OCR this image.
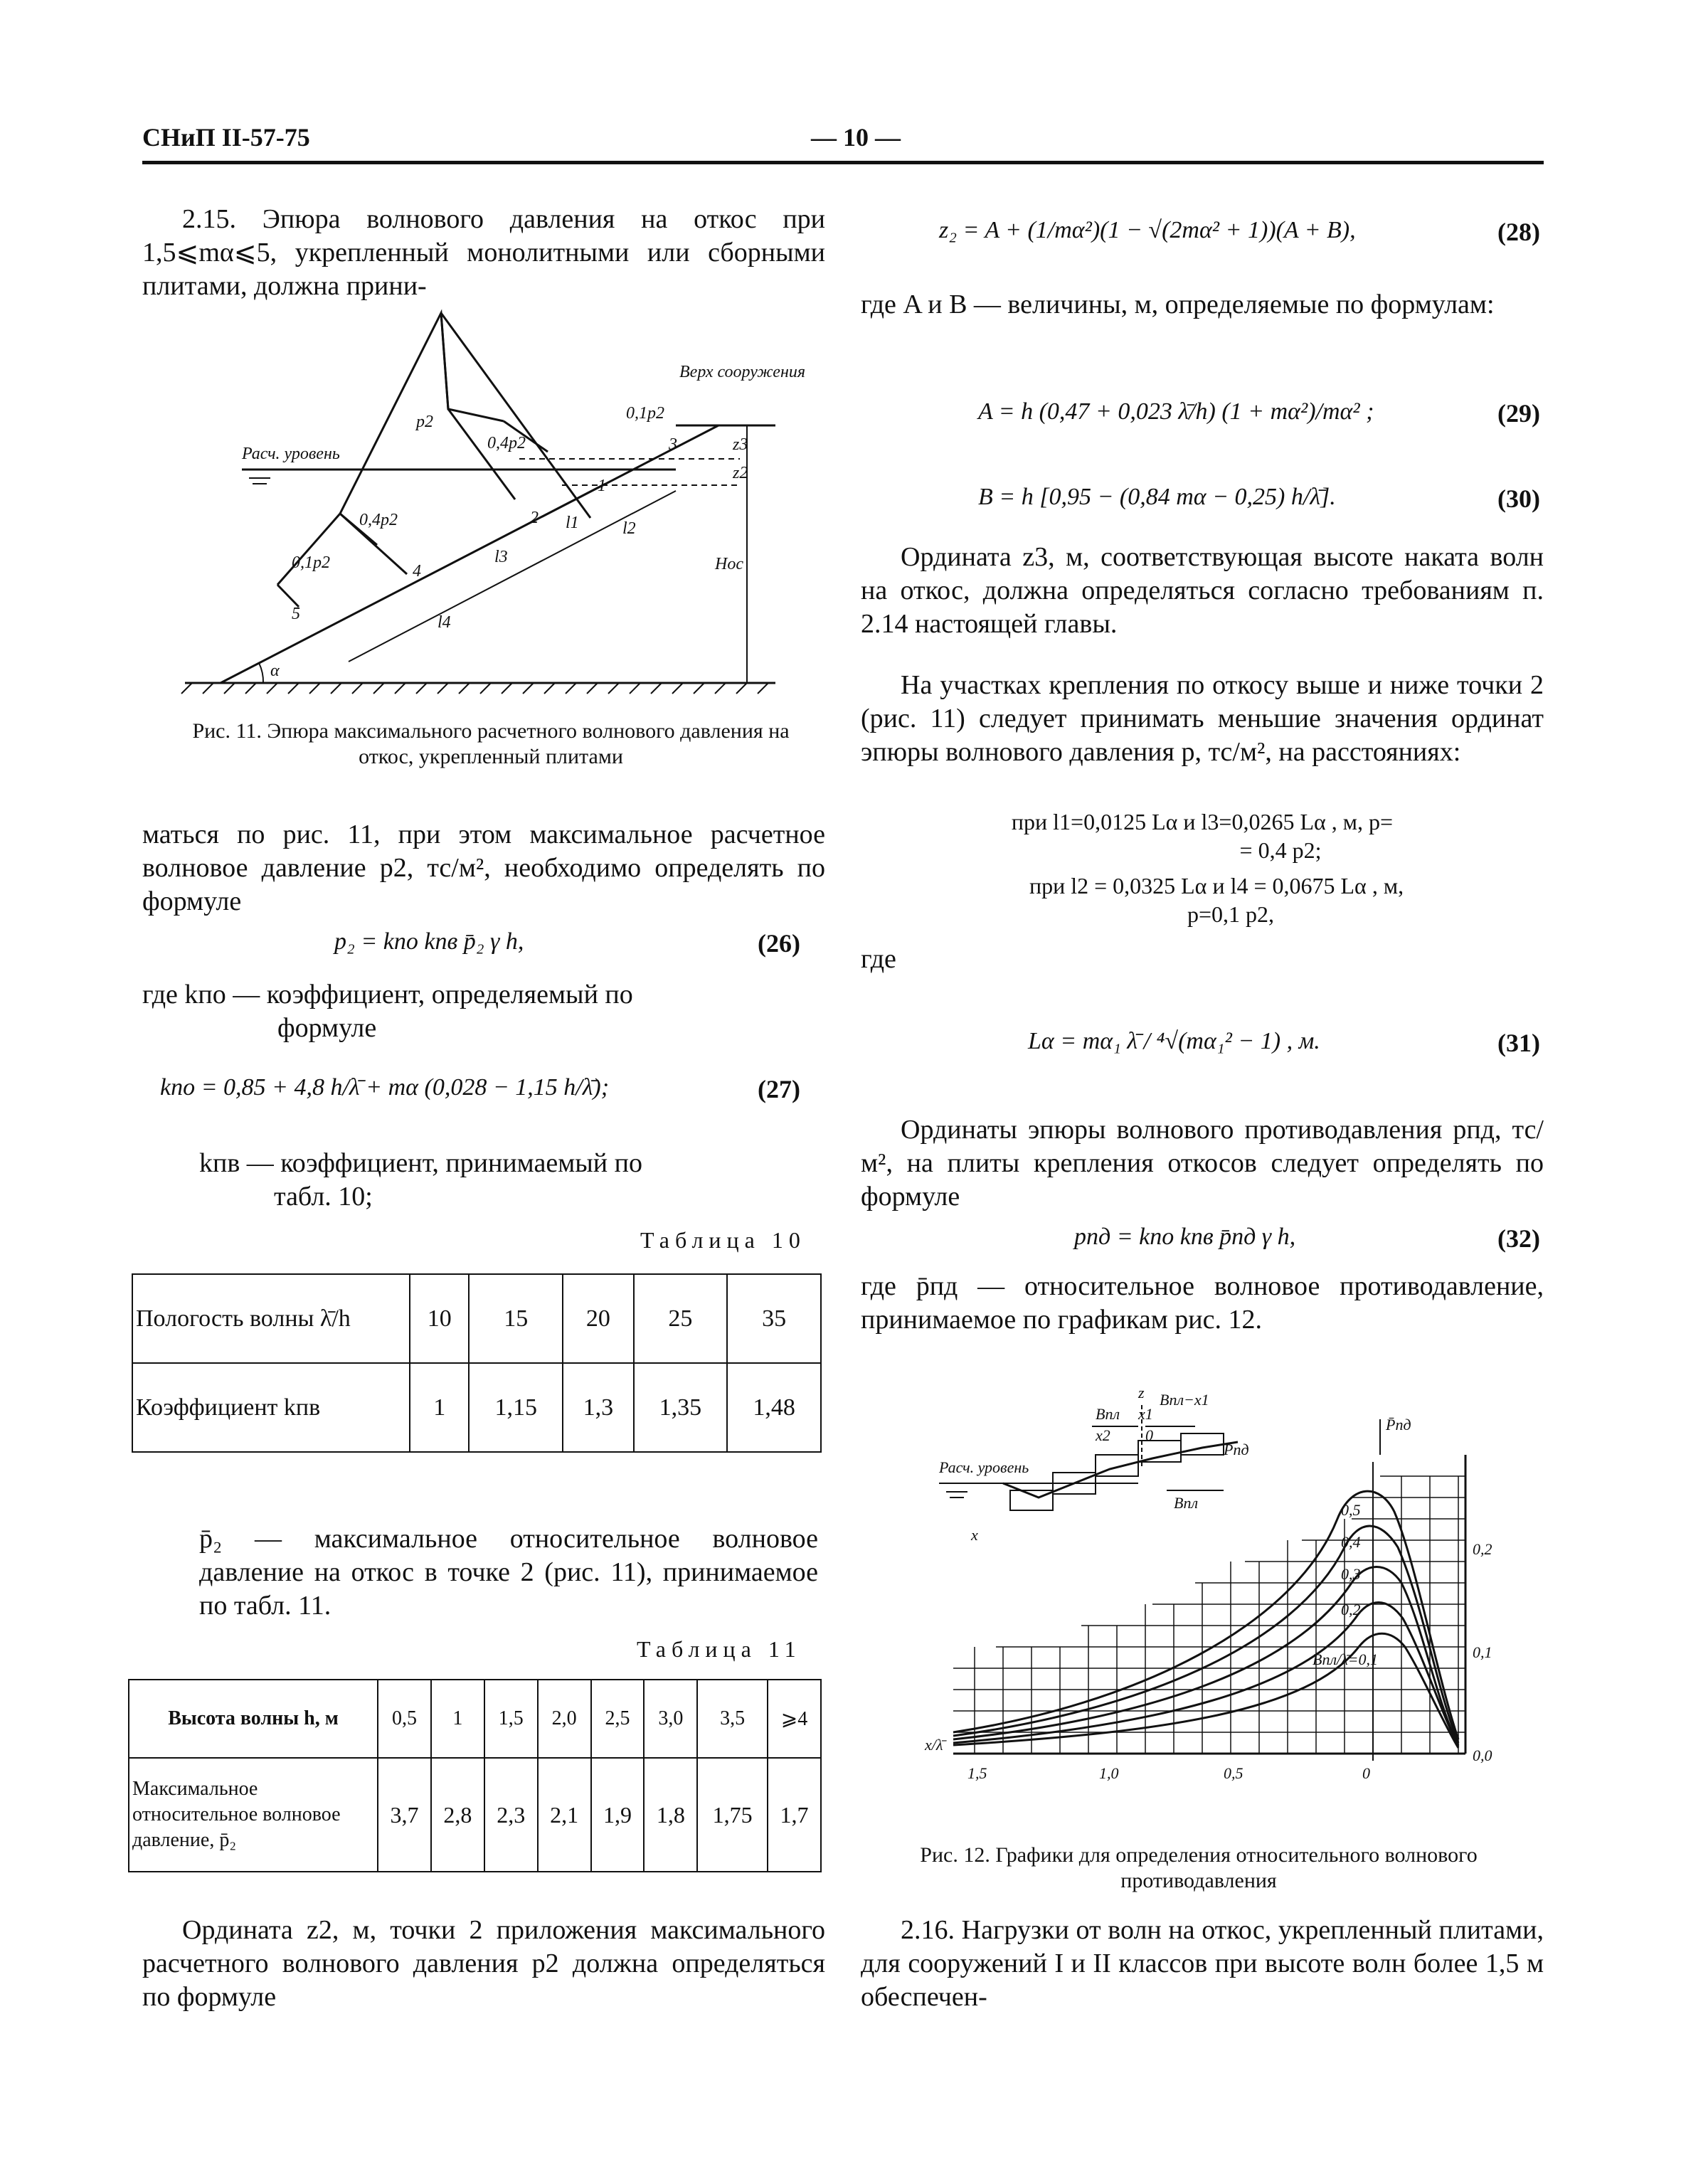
СНиП II-57-75	— 10 —

2.15. Эпюра волнового давления на откос при 1,5⩽mα⩽5, укрепленный монолитными или сборными плитами, должна прини-

Верх сооружения
Расч. уровень
p2
0,4p2
0,1p2
0,4p2
0,1p2
1
2
3
4
5
l1	l2
l3
l4
z3
z2
Hос
α
Рис. 11. Эпюра максимального расчетного волнового давления на откос, укрепленный плитами

маться по рис. 11, при этом максимальное расчетное волновое давление p2, тс/м², необходимо определять по формуле

p₂ = kпо kпв p̄₂ γ h,	(26)

где kпо — коэффициент, определяемый по

формуле

kпо = 0,85 + 4,8 h/λ̄ + mα (0,028 − 1,15 h/λ̄);	(27)

kпв — коэффициент, принимаемый по

табл. 10;

Таблица 10
Пологость волны λ̄/h	10	15	20	25	35
Коэффициент kпв	1	1,15	1,3	1,35	1,48

p̄₂ — максимальное относительное волновое давление на откос в точке 2 (рис. 11), принимаемое по табл. 11.

Таблица 11
Высота волны h, м	0,5	1	1,5	2,0	2,5	3,0	3,5	⩾4
Максимальное относительное волновое давление, p̄₂	3,7	2,8	2,3	2,1	1,9	1,8	1,75	1,7

Ордината z2, м, точки 2 приложения максимального расчетного волнового давления p2 должна определяться по формуле

z₂ = A + (1/mα²)(1 − √(2mα² + 1))(A + B),	(28)

где A и B — величины, м, определяемые по формулам:

A = h (0,47 + 0,023 λ̄/h) (1 + mα²)/mα² ;	(29)
B = h [0,95 − (0,84 mα − 0,25) h/λ̄].	(30)

Ордината z3, м, соответствующая высоте наката волн на откос, должна определяться согласно требованиям п. 2.14 настоящей главы.

На участках крепления по откосу выше и ниже точки 2 (рис. 11) следует принимать меньшие значения ординат эпюры волнового давления p, тс/м², на расстояниях:

при l1=0,0125 Lα и l3=0,0265 Lα , м, p=
= 0,4 p2;
при l2 = 0,0325 Lα и l4 = 0,0675 Lα , м,
p=0,1 p2,
где
Lα = mα₁ λ̄ / ⁴√(mα₁² − 1) , м.	(31)

Ординаты эпюры волнового противодавления pпд, тс/м², на плиты крепления откосов следует определять по формуле

pпд = kпо kпв p̄пд γ h,	(32)

где p̄пд — относительное волновое противодавление, принимаемое по графикам рис. 12.

z
Bпл x1
Bпл−x1
x2 0
Расч. уровень
x
Pпд
Bпл
P̄пд
0,5
0,4
0,3
0,2
Bпл/λ̄=0,1
1,5	1,0	0,5	0
0,2
0,1
0,0
x/λ̄
Рис. 12. Графики для определения относительного волнового противодавления

2.16. Нагрузки от волн на откос, укрепленный плитами, для сооружений I и II классов при высоте волн более 1,5 м обеспечен-
